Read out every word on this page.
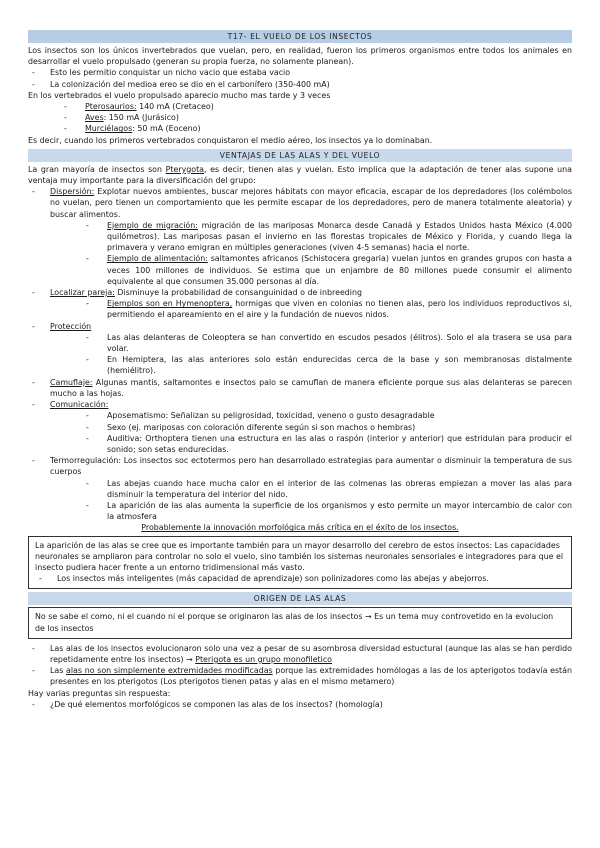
T17- EL VUELO DE LOS INSECTOS

Los insectos son los únicos invertebrados que vuelan, pero, en realidad, fueron los primeros organismos entre todos los animales en desarrollar el vuelo propulsado (generan su propia fuerza, no solamente planean).

- Esto les permitio conquistar un nicho vacio que estaba vacio
- La colonización del medioa ereo se dio en el carbonífero (350-400 mA)

En los vertebrados el vuelo propulsado aparecio mucho mas tarde y 3 veces

- Pterosaurios: 140 mA (Cretaceo)
- Aves: 150 mA (Jurásico)
- Murciélagos: 50 mA (Eoceno)

Es decir, cuando los primeros vertebrados conquistaron el medio aéreo, los insectos ya lo dominaban.

VENTAJAS DE LAS ALAS Y DEL VUELO

La gran mayoría de insectos son Pterygota, es decir, tienen alas y vuelan. Esto implica que la adaptación de tener alas supone una ventaja muy importante para la diversificación del grupo:

- Dispersión: Explotar nuevos ambientes, buscar mejores hábitats con mayor eficacia, escapar de los depredadores (los colémbolos no vuelan, pero tienen un comportamiento que les permite escapar de los depredadores, pero de manera totalmente aleatoria) y buscar alimentos.
- Ejemplo de migración: migración de las mariposas Monarca desde Canadá y Estados Unidos hasta México (4.000 quilómetros). Las mariposas pasan el invierno en las florestas tropicales de México y Florida, y cuando llega la primavera y verano emigran en múltiples generaciones (viven 4-5 semanas) hacia el norte.
- Ejemplo de alimentación: saltamontes africanos (Schistocera gregaria) vuelan juntos en grandes grupos con hasta a veces 100 millones de individuos. Se estima que un enjambre de 80 millones puede consumir el alimento equivalente al que consumen 35.000 personas al día.
- Localizar pareja: Disminuye la probabilidad de consanguinidad o de inbreeding
- Ejemplos son en Hymenoptera, hormigas que viven en colonias no tienen alas, pero los individuos reproductivos si, permitiendo el apareamiento en el aire y la fundación de nuevos nidos.
- Protección
- Las alas delanteras de Coleoptera se han convertido en escudos pesados (élitros). Solo el ala trasera se usa para volar.
- En Hemiptera, las alas anteriores solo están endurecidas cerca de la base y son membranosas distalmente (hemiélitro).
- Camuflaje: Algunas mantis, saltamontes e insectos palo se camuflan de manera eficiente porque sus alas delanteras se parecen mucho a las hojas.
- Comunicación:
- Aposematismo: Señalizan su peligrosidad, toxicidad, veneno o gusto desagradable
- Sexo (ej. mariposas con coloración diferente según si son machos o hembras)
- Auditiva: Orthoptera tienen una estructura en las alas o raspón (interior y anterior) que estridulan para producir el sonido; son setas endurecidas.
- Termorregulación: Los insectos soc ectotermos pero han desarrollado estrategias para aumentar o disminuir la temperatura de sus cuerpos
- Las abejas cuando hace mucha calor en el interior de las colmenas las obreras empiezan a mover las alas para disminuir la temperatura del interior del nido.
- La aparición de las alas aumenta la superficie de los organismos y esto permite un mayor intercambio de calor con la atmosfera

Probablemente la innovación morfológica más crítica en el éxito de los insectos.

La aparición de las alas se cree que es importante también para un mayor desarrollo del cerebro de estos insectos: Las capacidades neuronales se ampliaron para controlar no solo el vuelo, sino también los sistemas neuronales sensoriales e integradores para que el insecto pudiera hacer frente a un entorno tridimensional más vasto.

- Los insectos más inteligentes (más capacidad de aprendizaje) son polinizadores como las abejas y abejorros.
ORIGEN DE LAS ALAS

No se sabe el como, ni el cuando ni el porque se originaron las alas de los insectos → Es un tema muy controvetido en la evolucion de los insectos

- Las alas de los insectos evolucionaron solo una vez a pesar de su asombrosa diversidad estuctural (aunque las alas se han perdido repetidamente entre los insectos) → Pterigota es un grupo monofiletico
- Las alas no son simplemente extremidades modificadas porque las extremidades homólogas a las de los apterigotos todavía están presentes en los pterigotos (Los pterigotos tienen patas y alas en el mismo metamero)

Hay varias preguntas sin respuesta:

- ¿De qué elementos morfológicos se componen las alas de los insectos? (homología)
